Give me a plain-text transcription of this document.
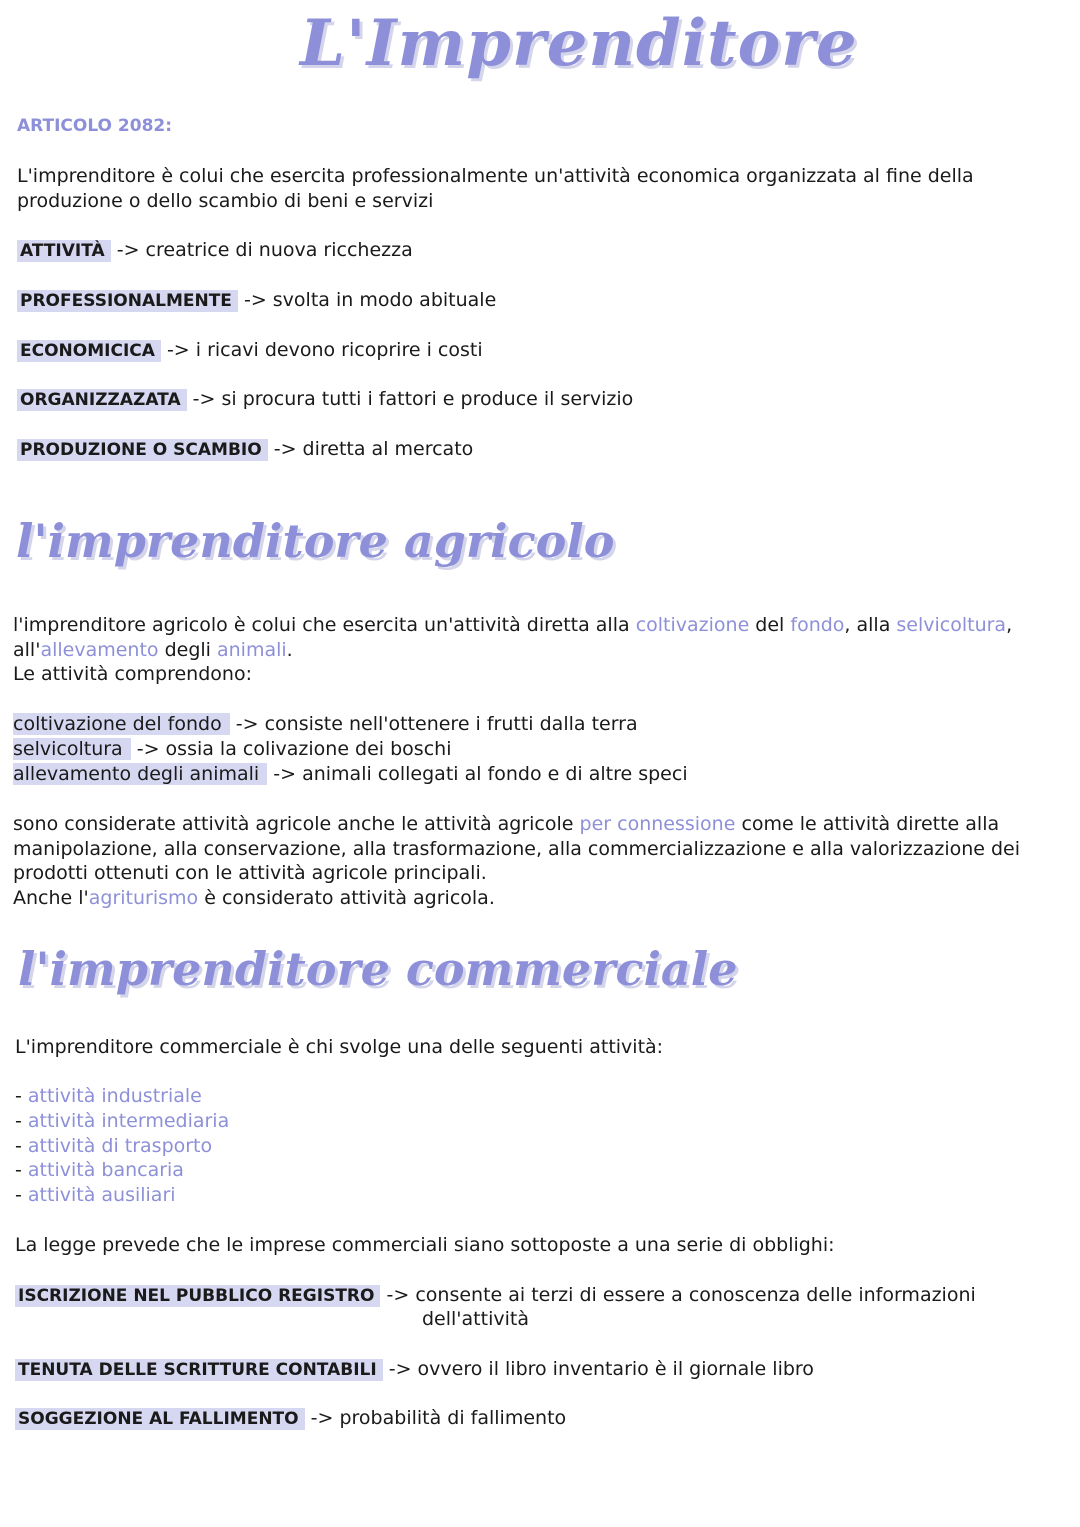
L'Imprenditore
ARTICOLO 2082:
L'imprenditore è colui che esercita professionalmente un'attività economica organizzata al fine della produzione o dello scambio di beni e servizi
ATTIVITÀ -> creatrice di nuova ricchezza
PROFESSIONALMENTE -> svolta in modo abituale
ECONOMICICA -> i ricavi devono ricoprire i costi
ORGANIZZAZATA -> si procura tutti i fattori e produce il servizio
PRODUZIONE O SCAMBIO -> diretta al mercato
l'imprenditore agricolo
l'imprenditore agricolo è colui che esercita un'attività diretta alla coltivazione del fondo, alla selvicoltura, all'allevamento degli animali.
Le attività comprendono:
coltivazione del fondo -> consiste nell'ottenere i frutti dalla terra
selvicoltura -> ossia la colivazione dei boschi
allevamento degli animali -> animali collegati al fondo e di altre speci
sono considerate attività agricole anche le attività agricole per connessione come le attività dirette alla manipolazione, alla conservazione, alla trasformazione, alla commercializzazione e alla valorizzazione dei prodotti ottenuti con le attività agricole principali.
Anche l'agriturismo è considerato attività agricola.
l'imprenditore commerciale
L'imprenditore commerciale è chi svolge una delle seguenti attività:
- attività industriale
- attività intermediaria
- attività di trasporto
- attività bancaria
- attività ausiliari
La legge prevede che le imprese commerciali siano sottoposte a una serie di obblighi:
ISCRIZIONE NEL PUBBLICO REGISTRO -> consente ai terzi di essere a conoscenza delle informazioni
dell'attività
TENUTA DELLE SCRITTURE CONTABILI -> ovvero il libro inventario è il giornale libro
SOGGEZIONE AL FALLIMENTO -> probabilità di fallimento
